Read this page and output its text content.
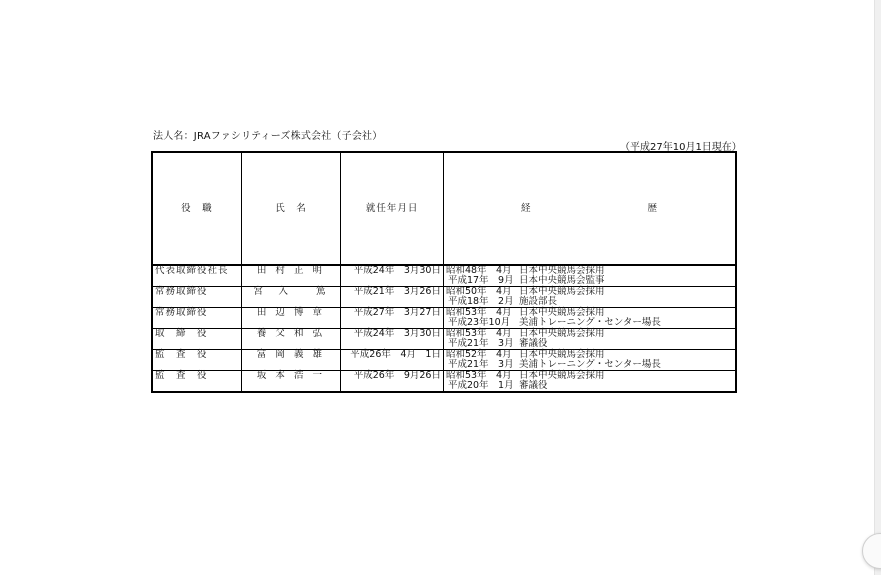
法人名：JRAファシリティーズ株式会社（子会社）
（平成27年10月1日現在）
役　職	氏　名	就任年月日	経 歴
代表取締役社長	田 村 正 明	平成24年　3月30日	昭和48年　4月 日本中央競馬会採用
平成17年　9月 日本中央競馬会監事

常務取締役	宮　入　　篤	平成21年　3月26日	昭和50年　4月 日本中央競馬会採用
平成18年　2月 施設部長

常務取締役	田 辺 博 章	平成27年　3月27日	昭和53年　4月 日本中央競馬会採用
平成23年10月 美浦トレーニング・センター場長

取　締　役	養 父 和 弘	平成24年　3月30日	昭和53年　4月 日本中央競馬会採用
平成21年　3月 審議役

監　査　役	富 岡 義 雄	平成26年　4月　1日	昭和52年　4月 日本中央競馬会採用
平成21年　3月 美浦トレーニング・センター場長

監　査　役	坂 本 浩 一	平成26年　9月26日	昭和53年　4月 日本中央競馬会採用
平成20年　1月 審議役
